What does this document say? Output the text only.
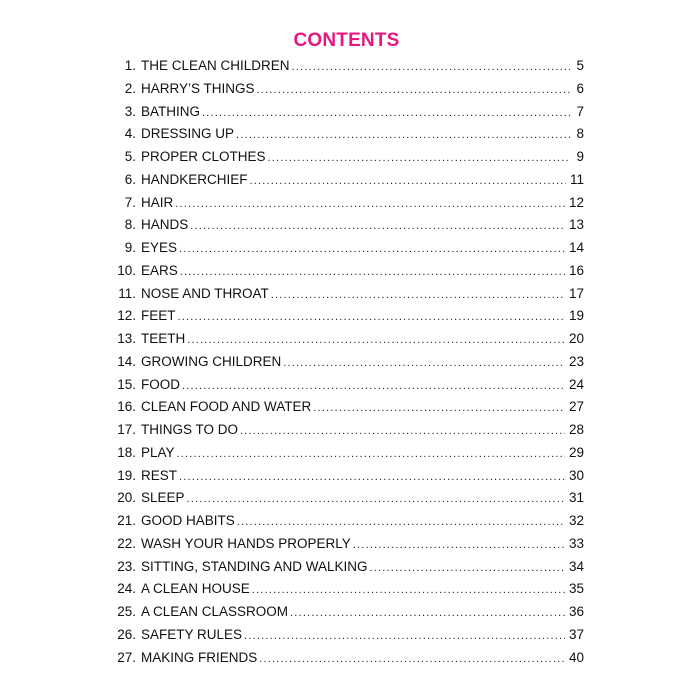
CONTENTS
1. THE CLEAN CHILDREN .....	5
2. HARRY’S THINGS .....	6
3. BATHING .....	7
4. DRESSING UP .....	8
5. PROPER CLOTHES .....	9
6. HANDKERCHIEF .....	11
7. HAIR .....	12
8. HANDS .....	13
9. EYES .....	14
10. EARS .....	16
11. NOSE AND THROAT .....	17
12. FEET .....	19
13. TEETH .....	20
14. GROWING CHILDREN .....	23
15. FOOD .....	24
16. CLEAN FOOD AND WATER .....	27
17. THINGS TO DO .....	28
18. PLAY .....	29
19. REST .....	30
20. SLEEP .....	31
21. GOOD HABITS .....	32
22. WASH YOUR HANDS PROPERLY .....	33
23. SITTING, STANDING AND WALKING .....	34
24. A CLEAN HOUSE .....	35
25. A CLEAN CLASSROOM .....	36
26. SAFETY RULES .....	37
27. MAKING FRIENDS .....	40
